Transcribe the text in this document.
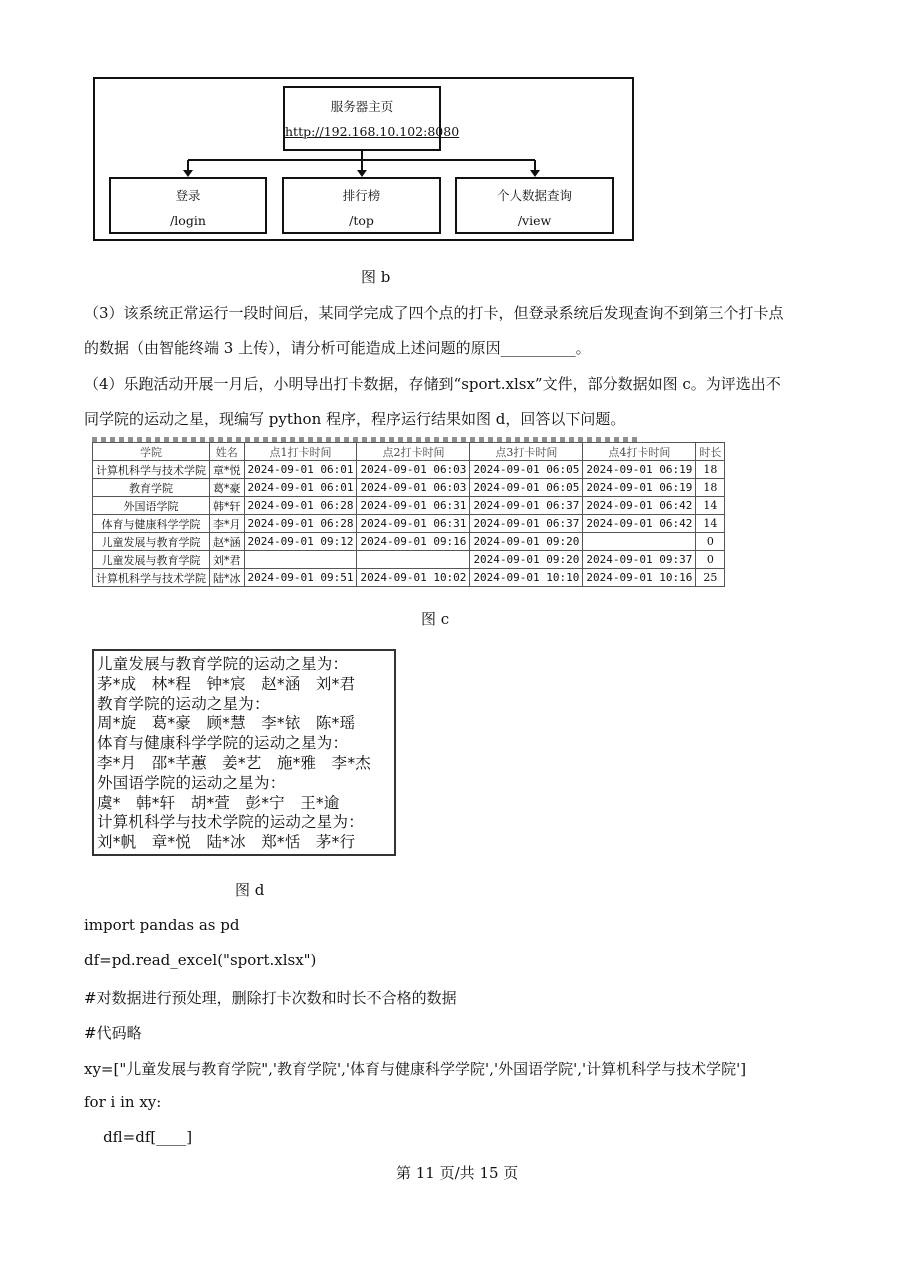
服务器主页
http://192.168.10.102:8080
登录
/login
排行榜
/top
个人数据查询
/view
图 b
（3）该系统正常运行一段时间后，某同学完成了四个点的打卡，但登录系统后发现查询不到第三个打卡点
的数据（由智能终端 3 上传），请分析可能造成上述问题的原因__________。
（4）乐跑活动开展一月后，小明导出打卡数据，存储到“sport.xlsx”文件，部分数据如图 c。为评选出不
同学院的运动之星，现编写 python 程序，程序运行结果如图 d，回答以下问题。
学院	姓名	点1打卡时间	点2打卡时间	点3打卡时间	点4打卡时间	时长
计算机科学与技术学院	章*悦	2024-09-01 06:01	2024-09-01 06:03	2024-09-01 06:05	2024-09-01 06:19	18
教育学院	葛*豪	2024-09-01 06:01	2024-09-01 06:03	2024-09-01 06:05	2024-09-01 06:19	18
外国语学院	韩*轩	2024-09-01 06:28	2024-09-01 06:31	2024-09-01 06:37	2024-09-01 06:42	14
体育与健康科学学院	李*月	2024-09-01 06:28	2024-09-01 06:31	2024-09-01 06:37	2024-09-01 06:42	14
儿童发展与教育学院	赵*涵	2024-09-01 09:12	2024-09-01 09:16	2024-09-01 09:20		0
儿童发展与教育学院	刘*君			2024-09-01 09:20	2024-09-01 09:37	0
计算机科学与技术学院	陆*冰	2024-09-01 09:51	2024-09-01 10:02	2024-09-01 10:10	2024-09-01 10:16	25
图 c
儿童发展与教育学院的运动之星为：
茅*成   林*程   钟*宸   赵*涵   刘*君
教育学院的运动之星为：
周*旋   葛*豪   顾*慧   李*铱   陈*瑶
体育与健康科学学院的运动之星为：
李*月   邵*芊蕙   姜*艺   施*雅   李*杰
外国语学院的运动之星为：
虞*   韩*轩   胡*萱   彭*宁   王*逾
计算机科学与技术学院的运动之星为：
刘*帆   章*悦   陆*冰   郑*恬   茅*行
图 d
import pandas as pd
df=pd.read_excel("sport.xlsx")
#对数据进行预处理，删除打卡次数和时长不合格的数据
#代码略
xy=["儿童发展与教育学院",'教育学院','体育与健康科学学院','外国语学院','计算机科学与技术学院']
for i in xy:
dfl=df[____]
第 11 页/共 15 页
